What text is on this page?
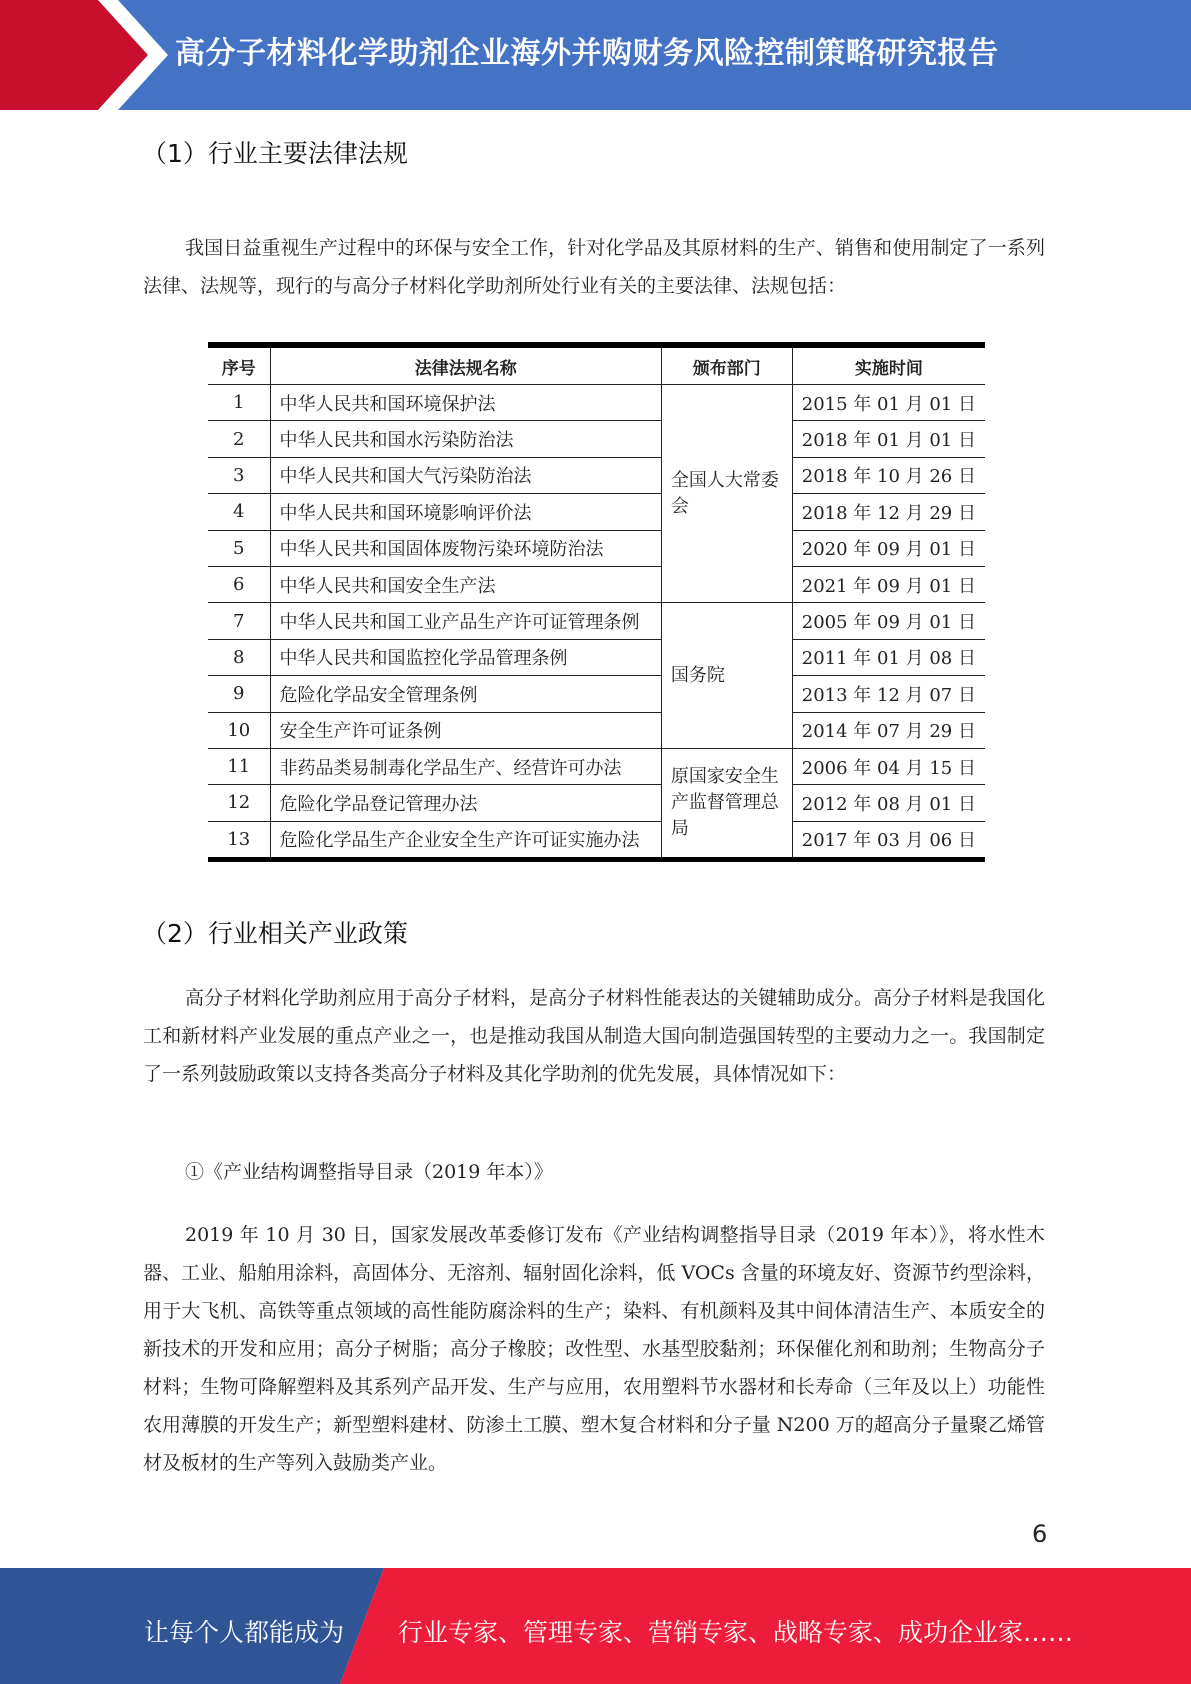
高分子材料化学助剂企业海外并购财务风险控制策略研究报告
（1）行业主要法律法规

我国日益重视生产过程中的环保与安全工作，针对化学品及其原材料的生产、销售和使用制定了一系列法律、法规等，现行的与高分子材料化学助剂所处行业有关的主要法律、法规包括：

序号	法律法规名称	颁布部门	实施时间
1	中华人民共和国环境保护法	全国人大常委会	2015 年 01 月 01 日
2	中华人民共和国水污染防治法		2018 年 01 月 01 日
3	中华人民共和国大气污染防治法		2018 年 10 月 26 日
4	中华人民共和国环境影响评价法		2018 年 12 月 29 日
5	中华人民共和国固体废物污染环境防治法		2020 年 09 月 01 日
6	中华人民共和国安全生产法		2021 年 09 月 01 日
7	中华人民共和国工业产品生产许可证管理条例	国务院	2005 年 09 月 01 日
8	中华人民共和国监控化学品管理条例		2011 年 01 月 08 日
9	危险化学品安全管理条例		2013 年 12 月 07 日
10	安全生产许可证条例		2014 年 07 月 29 日
11	非药品类易制毒化学品生产、经营许可办法	原国家安全生产监督管理总局	2006 年 04 月 15 日
12	危险化学品登记管理办法		2012 年 08 月 01 日
13	危险化学品生产企业安全生产许可证实施办法		2017 年 03 月 06 日
（2）行业相关产业政策

高分子材料化学助剂应用于高分子材料，是高分子材料性能表达的关键辅助成分。高分子材料是我国化工和新材料产业发展的重点产业之一，也是推动我国从制造大国向制造强国转型的主要动力之一。我国制定了一系列鼓励政策以支持各类高分子材料及其化学助剂的优先发展，具体情况如下：

①《产业结构调整指导目录（2019 年本）》

2019 年 10 月 30 日，国家发展改革委修订发布《产业结构调整指导目录（2019 年本）》，将水性木器、工业、船舶用涂料，高固体分、无溶剂、辐射固化涂料，低 VOCs 含量的环境友好、资源节约型涂料，用于大飞机、高铁等重点领域的高性能防腐涂料的生产；染料、有机颜料及其中间体清洁生产、本质安全的新技术的开发和应用；高分子树脂；高分子橡胶；改性型、水基型胶黏剂；环保催化剂和助剂；生物高分子材料；生物可降解塑料及其系列产品开发、生产与应用，农用塑料节水器材和长寿命（三年及以上）功能性农用薄膜的开发生产；新型塑料建材、防渗土工膜、塑木复合材料和分子量 N200 万的超高分子量聚乙烯管材及板材的生产等列入鼓励类产业。

6
让每个人都能成为 行业专家、管理专家、营销专家、战略专家、成功企业家……
